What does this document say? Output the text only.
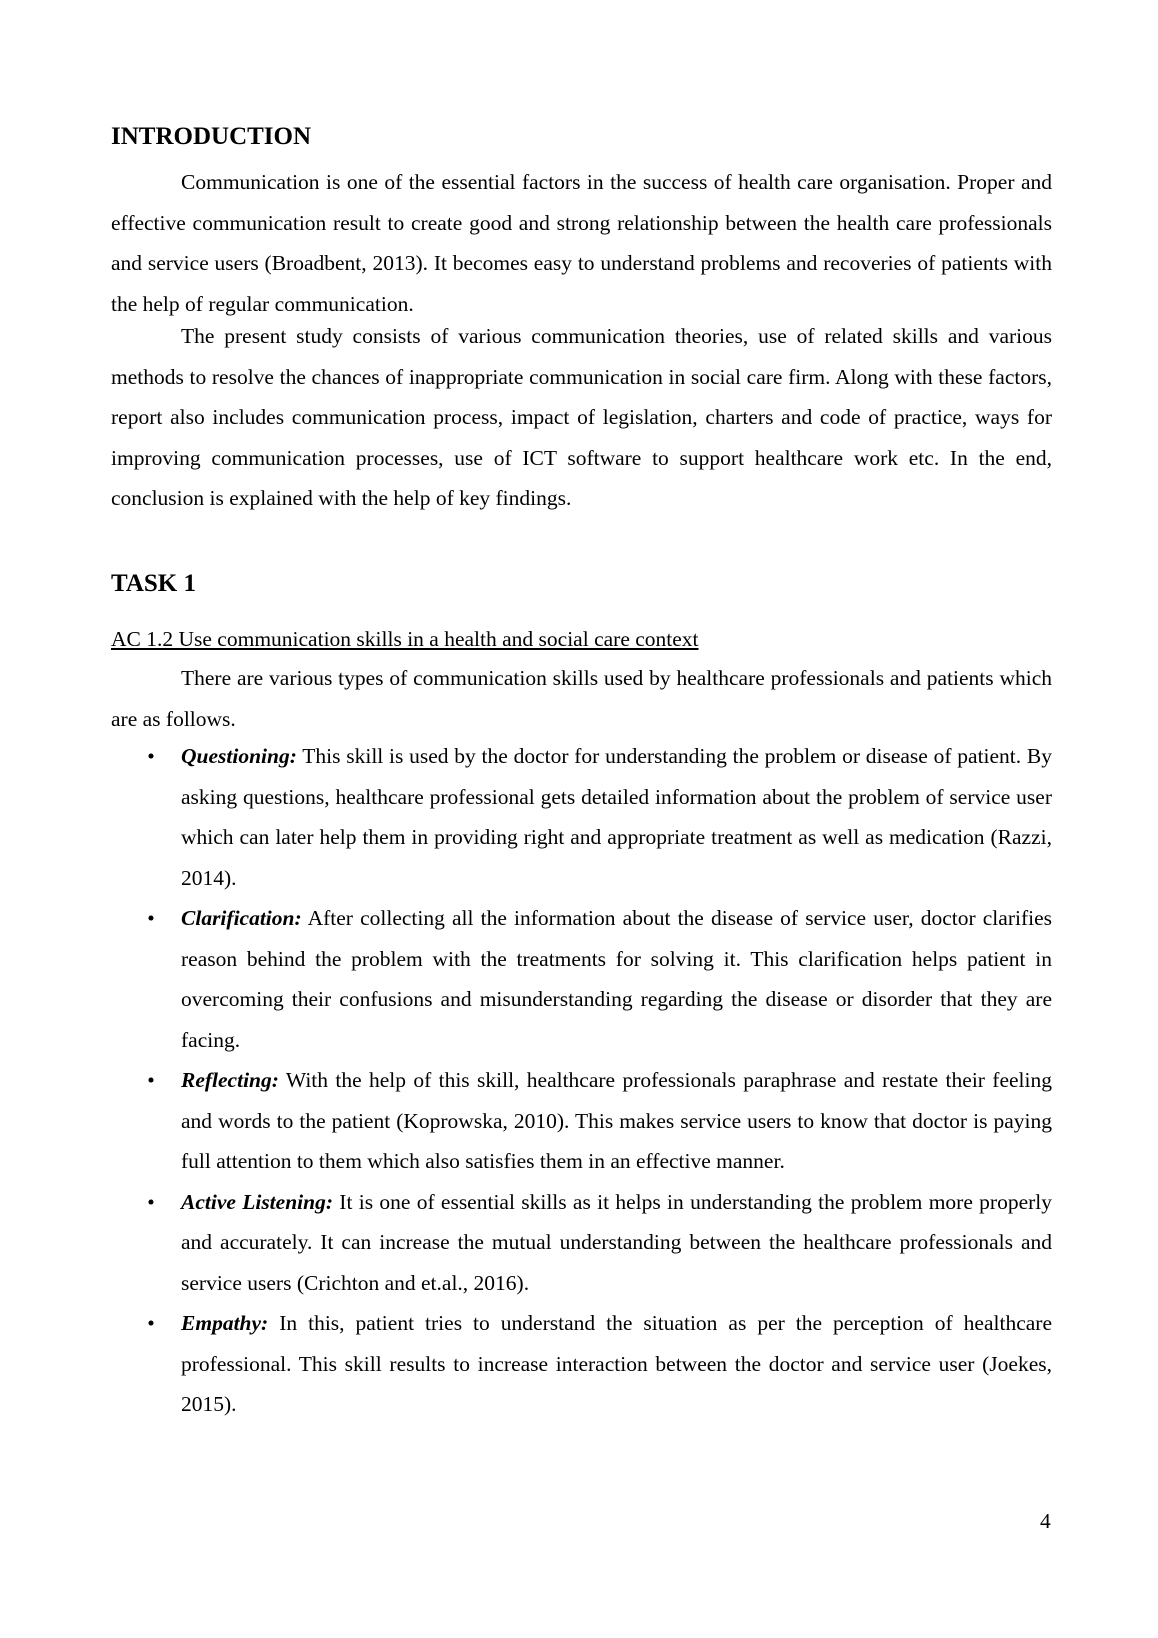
INTRODUCTION

Communication is one of the essential factors in the success of health care organisation. Proper and effective communication result to create good and strong relationship between the health care professionals and service users (Broadbent, 2013). It becomes easy to understand problems and recoveries of patients with the help of regular communication.

The present study consists of various communication theories, use of related skills and various methods to resolve the chances of inappropriate communication in social care firm. Along with these factors, report also includes communication process, impact of legislation, charters and code of practice, ways for improving communication processes, use of ICT software to support healthcare work etc. In the end, conclusion is explained with the help of key findings.

TASK 1

AC 1.2 Use communication skills in a health and social care context

There are various types of communication skills used by healthcare professionals and patients which are as follows.

• Questioning: This skill is used by the doctor for understanding the problem or disease of patient. By asking questions, healthcare professional gets detailed information about the problem of service user which can later help them in providing right and appropriate treatment as well as medication (Razzi, 2014).
• Clarification: After collecting all the information about the disease of service user, doctor clarifies reason behind the problem with the treatments for solving it. This clarification helps patient in overcoming their confusions and misunderstanding regarding the disease or disorder that they are facing.
• Reflecting: With the help of this skill, healthcare professionals paraphrase and restate their feeling and words to the patient (Koprowska, 2010). This makes service users to know that doctor is paying full attention to them which also satisfies them in an effective manner.
• Active Listening: It is one of essential skills as it helps in understanding the problem more properly and accurately. It can increase the mutual understanding between the healthcare professionals and service users (Crichton and et.al., 2016).
• Empathy: In this, patient tries to understand the situation as per the perception of healthcare professional. This skill results to increase interaction between the doctor and service user (Joekes, 2015).
4
